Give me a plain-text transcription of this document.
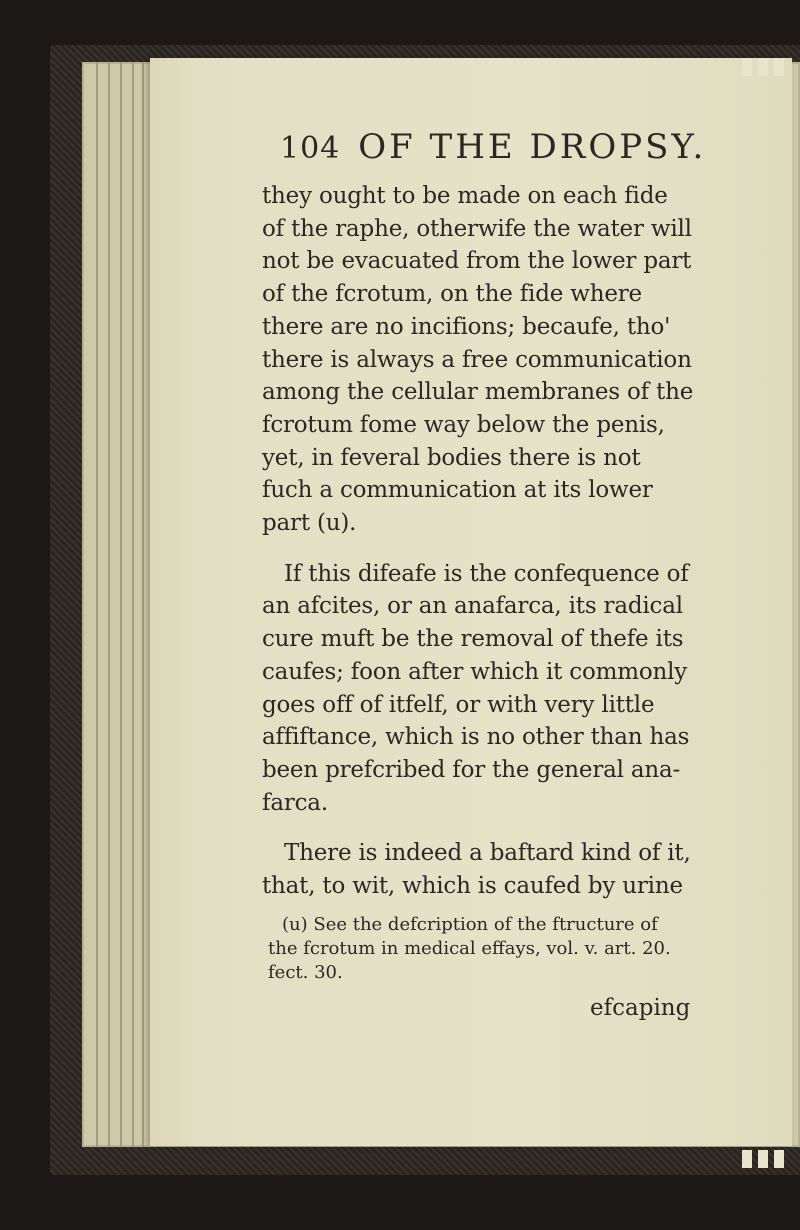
104 OF THE DROPSY.
they ought to be made on each fide
of the raphe, otherwife the water will
not be evacuated from the lower part
of the fcrotum, on the fide where
there are no incifions; becaufe, tho'
there is always a free communication
among the cellular membranes of the
fcrotum fome way below the penis,
yet, in feveral bodies there is not
fuch a communication at its lower
part (u).
If this difeafe is the confequence of
an afcites, or an anafarca, its radical
cure muft be the removal of thefe its
caufes; foon after which it commonly
goes off of itfelf, or with very little
affiftance, which is no other than has
been prefcribed for the general ana-
farca.
There is indeed a baftard kind of it,
that, to wit, which is caufed by urine
(u) See the defcription of the ftructure of
the fcrotum in medical effays, vol. v. art. 20.
fect. 30.
efcaping
